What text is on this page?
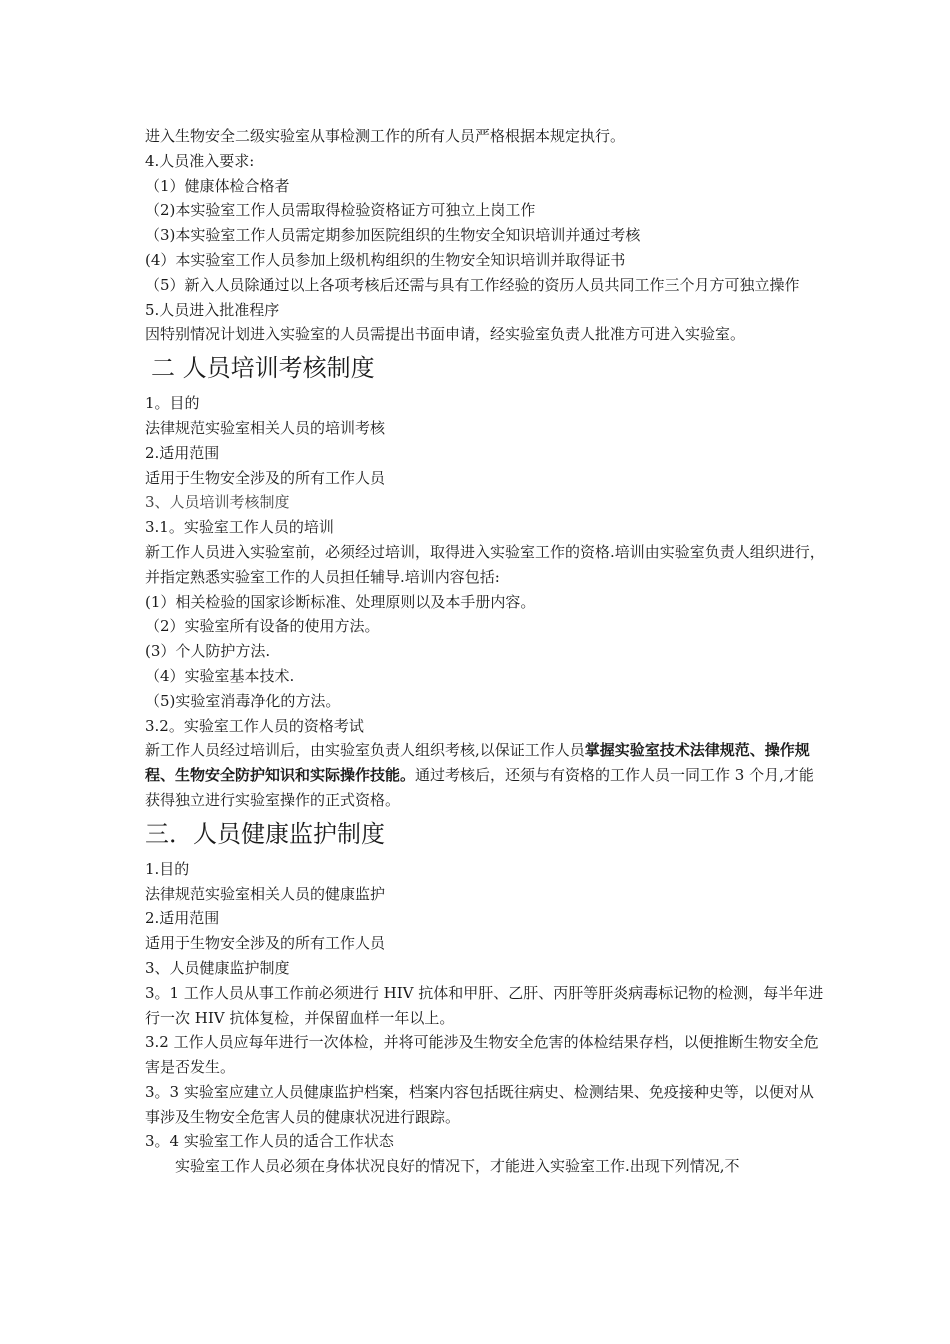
进入生物安全二级实验室从事检测工作的所有人员严格根据本规定执行。
4.人员准入要求:
（1）健康体检合格者
（2)本实验室工作人员需取得检验资格证方可独立上岗工作
（3)本实验室工作人员需定期参加医院组织的生物安全知识培训并通过考核
(4）本实验室工作人员参加上级机构组织的生物安全知识培训并取得证书
（5）新入人员除通过以上各项考核后还需与具有工作经验的资历人员共同工作三个月方可独立操作
5.人员进入批准程序
因特别情况计划进入实验室的人员需提出书面申请，经实验室负责人批准方可进入实验室。
二 人员培训考核制度
1。目的
法律规范实验室相关人员的培训考核
2.适用范围
适用于生物安全涉及的所有工作人员
3、人员培训考核制度
3.1。实验室工作人员的培训
新工作人员进入实验室前，必须经过培训，取得进入实验室工作的资格.培训由实验室负责人组织进行，并指定熟悉实验室工作的人员担任辅导.培训内容包括:
(1）相关检验的国家诊断标准、处理原则以及本手册内容。
（2）实验室所有设备的使用方法。
(3）个人防护方法.
（4）实验室基本技术.
（5)实验室消毒净化的方法。
3.2。实验室工作人员的资格考试
新工作人员经过培训后，由实验室负责人组织考核,以保证工作人员掌握实验室技术法律规范、操作规程、生物安全防护知识和实际操作技能。通过考核后，还须与有资格的工作人员一同工作 3 个月,才能获得独立进行实验室操作的正式资格。
三．人员健康监护制度
1.目的
法律规范实验室相关人员的健康监护
2.适用范围
适用于生物安全涉及的所有工作人员
3、人员健康监护制度
3。1 工作人员从事工作前必须进行 HIV 抗体和甲肝、乙肝、丙肝等肝炎病毒标记物的检测，每半年进行一次 HIV 抗体复检，并保留血样一年以上。
3.2 工作人员应每年进行一次体检，并将可能涉及生物安全危害的体检结果存档，以便推断生物安全危害是否发生。
3。3 实验室应建立人员健康监护档案，档案内容包括既往病史、检测结果、免疫接种史等，以便对从事涉及生物安全危害人员的健康状况进行跟踪。
3。4 实验室工作人员的适合工作状态
实验室工作人员必须在身体状况良好的情况下，才能进入实验室工作.出现下列情况,不
